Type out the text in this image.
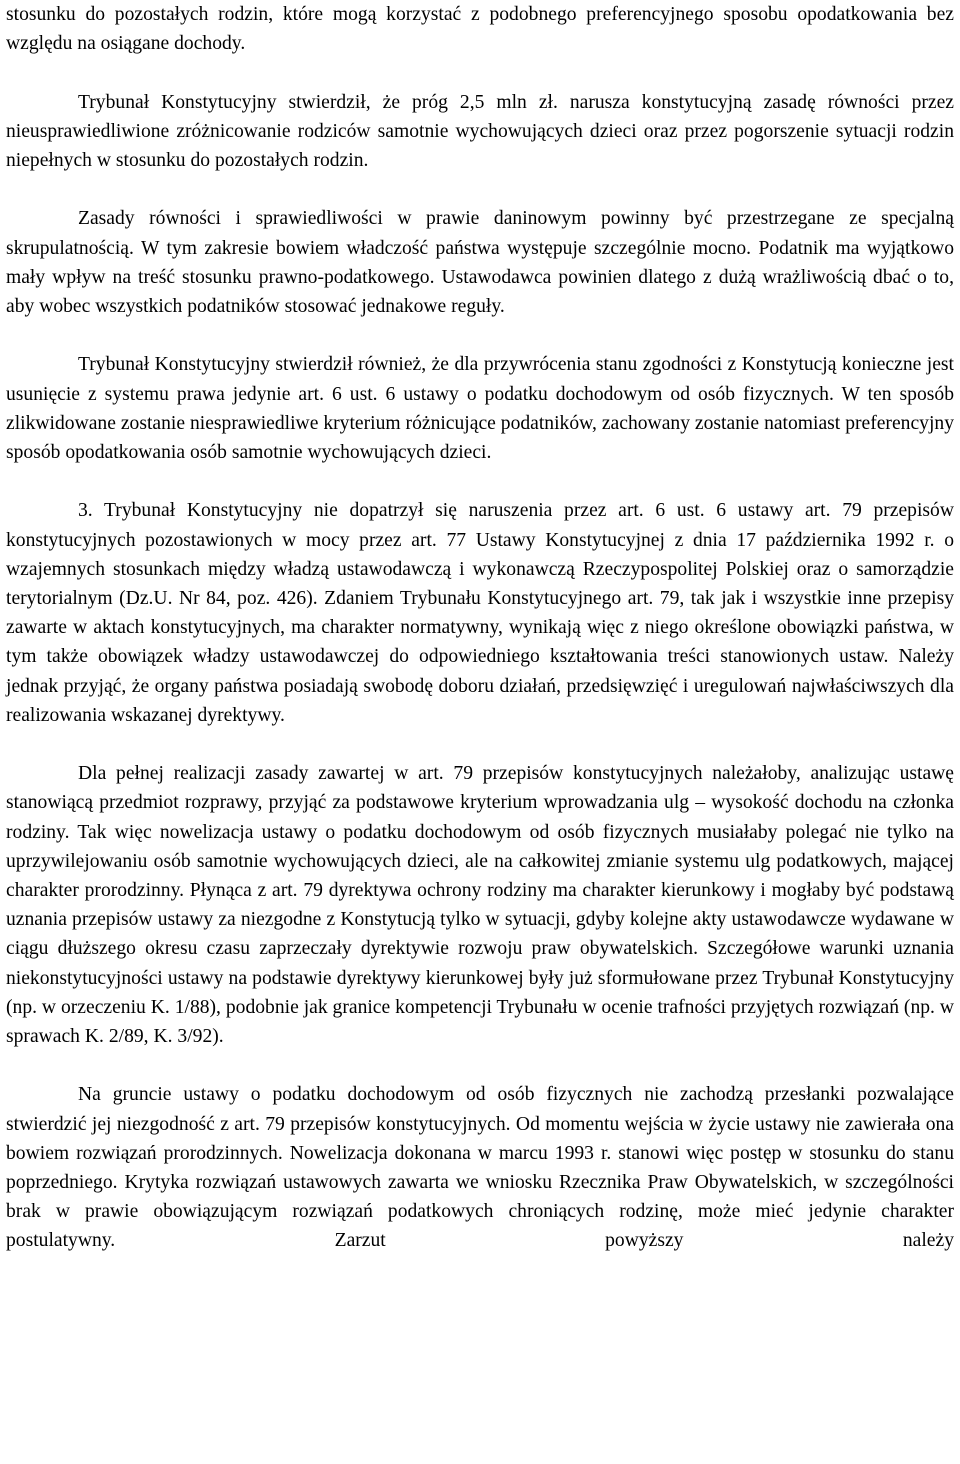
stosunku do pozostałych rodzin, które mogą korzystać z podobnego preferencyjnego sposobu opodatkowania bez względu na osiągane dochody.

Trybunał Konstytucyjny stwierdził, że próg 2,5 mln zł. narusza konstytucyjną zasadę równości przez nieusprawiedliwione zróżnicowanie rodziców samotnie wychowujących dzieci oraz przez pogorszenie sytuacji rodzin niepełnych w stosunku do pozostałych rodzin.

Zasady równości i sprawiedliwości w prawie daninowym powinny być przestrzegane ze specjalną skrupulatnością. W tym zakresie bowiem władczość państwa występuje szczególnie mocno. Podatnik ma wyjątkowo mały wpływ na treść stosunku prawno-podatkowego. Ustawodawca powinien dlatego z dużą wrażliwością dbać o to, aby wobec wszystkich podatników stosować jednakowe reguły.

Trybunał Konstytucyjny stwierdził również, że dla przywrócenia stanu zgodności z Konstytucją konieczne jest usunięcie z systemu prawa jedynie art. 6 ust. 6 ustawy o podatku dochodowym od osób fizycznych. W ten sposób zlikwidowane zostanie niesprawiedliwe kryterium różnicujące podatników, zachowany zostanie natomiast preferencyjny sposób opodatkowania osób samotnie wychowujących dzieci.

3. Trybunał Konstytucyjny nie dopatrzył się naruszenia przez art. 6 ust. 6 ustawy art. 79 przepisów konstytucyjnych pozostawionych w mocy przez art. 77 Ustawy Konstytucyjnej z dnia 17 października 1992 r. o wzajemnych stosunkach między władzą ustawodawczą i wykonawczą Rzeczypospolitej Polskiej oraz o samorządzie terytorialnym (Dz.U. Nr 84, poz. 426). Zdaniem Trybunału Konstytucyjnego art. 79, tak jak i wszystkie inne przepisy zawarte w aktach konstytucyjnych, ma charakter normatywny, wynikają więc z niego określone obowiązki państwa, w tym także obowiązek władzy ustawodawczej do odpowiedniego kształtowania treści stanowionych ustaw. Należy jednak przyjąć, że organy państwa posiadają swobodę doboru działań, przedsięwzięć i uregulowań najwłaściwszych dla realizowania wskazanej dyrektywy.

Dla pełnej realizacji zasady zawartej w art. 79 przepisów konstytucyjnych należałoby, analizując ustawę stanowiącą przedmiot rozprawy, przyjąć za podstawowe kryterium wprowadzania ulg – wysokość dochodu na członka rodziny. Tak więc nowelizacja ustawy o podatku dochodowym od osób fizycznych musiałaby polegać nie tylko na uprzywilejowaniu osób samotnie wychowujących dzieci, ale na całkowitej zmianie systemu ulg podatkowych, mającej charakter prorodzinny. Płynąca z art. 79 dyrektywa ochrony rodziny ma charakter kierunkowy i mogłaby być podstawą uznania przepisów ustawy za niezgodne z Konstytucją tylko w sytuacji, gdyby kolejne akty ustawodawcze wydawane w ciągu dłuższego okresu czasu zaprzeczały dyrektywie rozwoju praw obywatelskich. Szczegółowe warunki uznania niekonstytucyjności ustawy na podstawie dyrektywy kierunkowej były już sformułowane przez Trybunał Konstytucyjny (np. w orzeczeniu K. 1/88), podobnie jak granice kompetencji Trybunału w ocenie trafności przyjętych rozwiązań (np. w sprawach K. 2/89, K. 3/92).

Na gruncie ustawy o podatku dochodowym od osób fizycznych nie zachodzą przesłanki pozwalające stwierdzić jej niezgodność z art. 79 przepisów konstytucyjnych. Od momentu wejścia w życie ustawy nie zawierała ona bowiem rozwiązań prorodzinnych. Nowelizacja dokonana w marcu 1993 r. stanowi więc postęp w stosunku do stanu poprzedniego. Krytyka rozwiązań ustawowych zawarta we wniosku Rzecznika Praw Obywatelskich, w szczególności brak w prawie obowiązującym rozwiązań podatkowych chroniących rodzinę, może mieć jedynie charakter postulatywny. Zarzut powyższy należy
